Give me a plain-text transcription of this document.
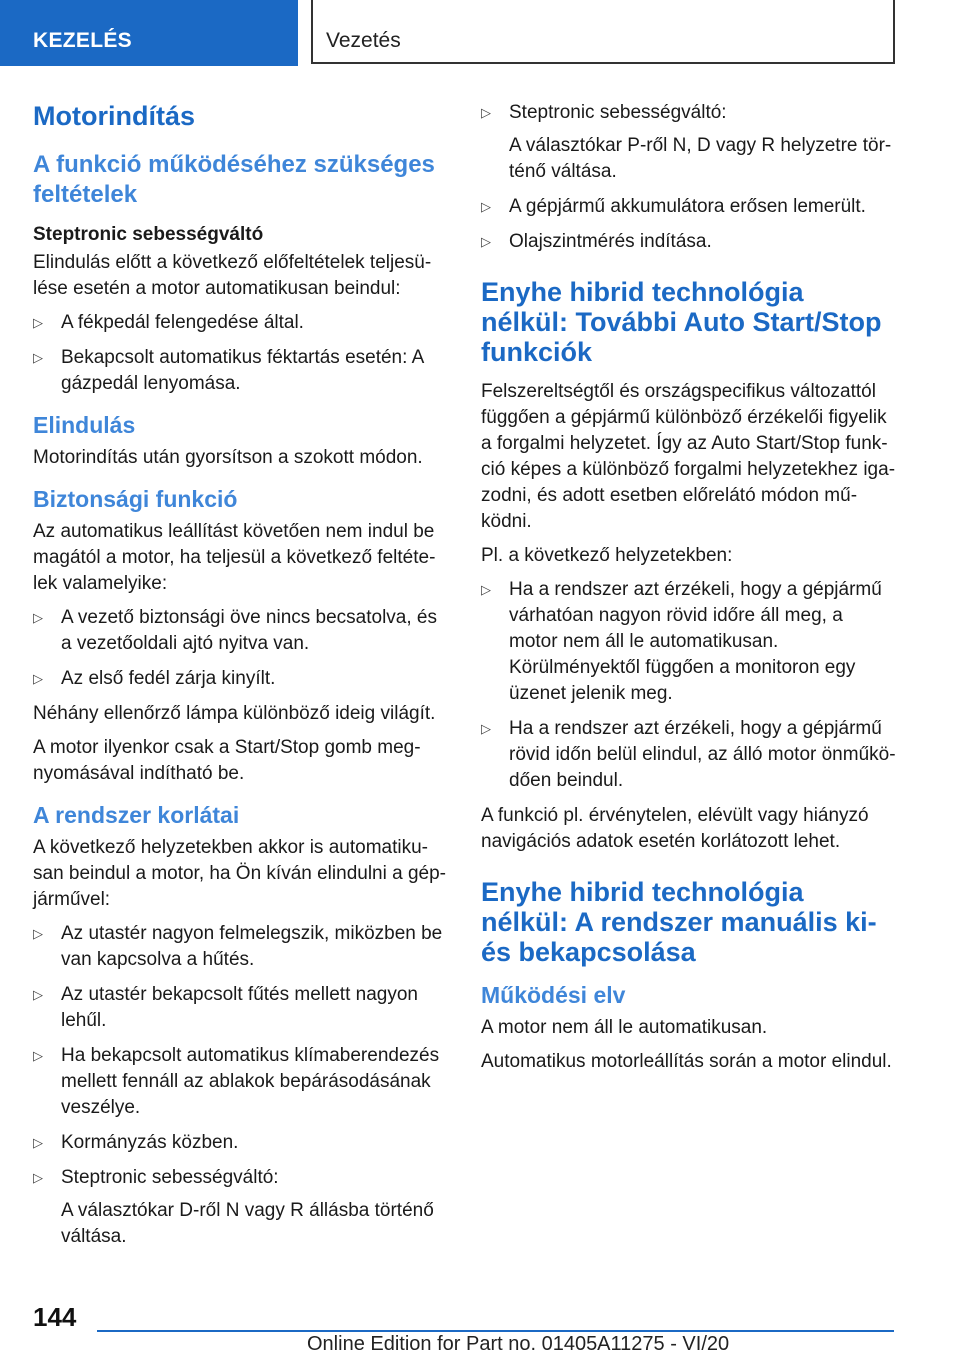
KEZELÉS	Vezetés
Motorindítás
A funkció működéséhez szükséges feltételek
Steptronic sebességváltó

Elindulás előtt a következő előfeltételek teljesülése esetén a motor automatikusan beindul:

▷ A fékpedál felengedése által.
▷ Bekapcsolt automatikus féktartás esetén: A gázpedál lenyomása.
Elindulás

Motorindítás után gyorsítson a szokott módon.

Biztonsági funkció

Az automatikus leállítást követően nem indul be magától a motor, ha teljesül a következő feltételek valamelyike:

▷ A vezető biztonsági öve nincs becsatolva, és a vezetőoldali ajtó nyitva van.
▷ Az első fedél zárja kinyílt.

Néhány ellenőrző lámpa különböző ideig világít.

A motor ilyenkor csak a Start/Stop gomb megnyomásával indítható be.

A rendszer korlátai

A következő helyzetekben akkor is automatikusan beindul a motor, ha Ön kíván elindulni a gépjárművel:

▷ Az utastér nagyon felmelegszik, miközben be van kapcsolva a hűtés.
▷ Az utastér bekapcsolt fűtés mellett nagyon lehűl.
▷ Ha bekapcsolt automatikus klímaberendezés mellett fennáll az ablakok bepárásodásának veszélye.
▷ Kormányzás közben.
▷ Steptronic sebességváltó:
A választókar D-ről N vagy R állásba történő váltása.
▷ Steptronic sebességváltó:
A választókar P-ről N, D vagy R helyzetre történő váltása.
▷ A gépjármű akkumulátora erősen lemerült.
▷ Olajszintmérés indítása.
Enyhe hibrid technológia nélkül: További Auto Start/Stop funkciók

Felszereltségtől és országspecifikus változattól függően a gépjármű különböző érzékelői figyelik a forgalmi helyzetet. Így az Auto Start/Stop funkció képes a különböző forgalmi helyzetekhez igazodni, és adott esetben előrelátó módon működni.

Pl. a következő helyzetekben:

▷ Ha a rendszer azt érzékeli, hogy a gépjármű várhatóan nagyon rövid időre áll meg, a motor nem áll le automatikusan. Körülményektől függően a monitoron egy üzenet jelenik meg.
▷ Ha a rendszer azt érzékeli, hogy a gépjármű rövid időn belül elindul, az álló motor önműködően beindul.

A funkció pl. érvénytelen, elévült vagy hiányzó navigációs adatok esetén korlátozott lehet.

Enyhe hibrid technológia nélkül: A rendszer manuális ki- és bekapcsolása
Működési elv

A motor nem áll le automatikusan.

Automatikus motorleállítás során a motor elindul.

144
Online Edition for Part no. 01405A11275 - VI/20
